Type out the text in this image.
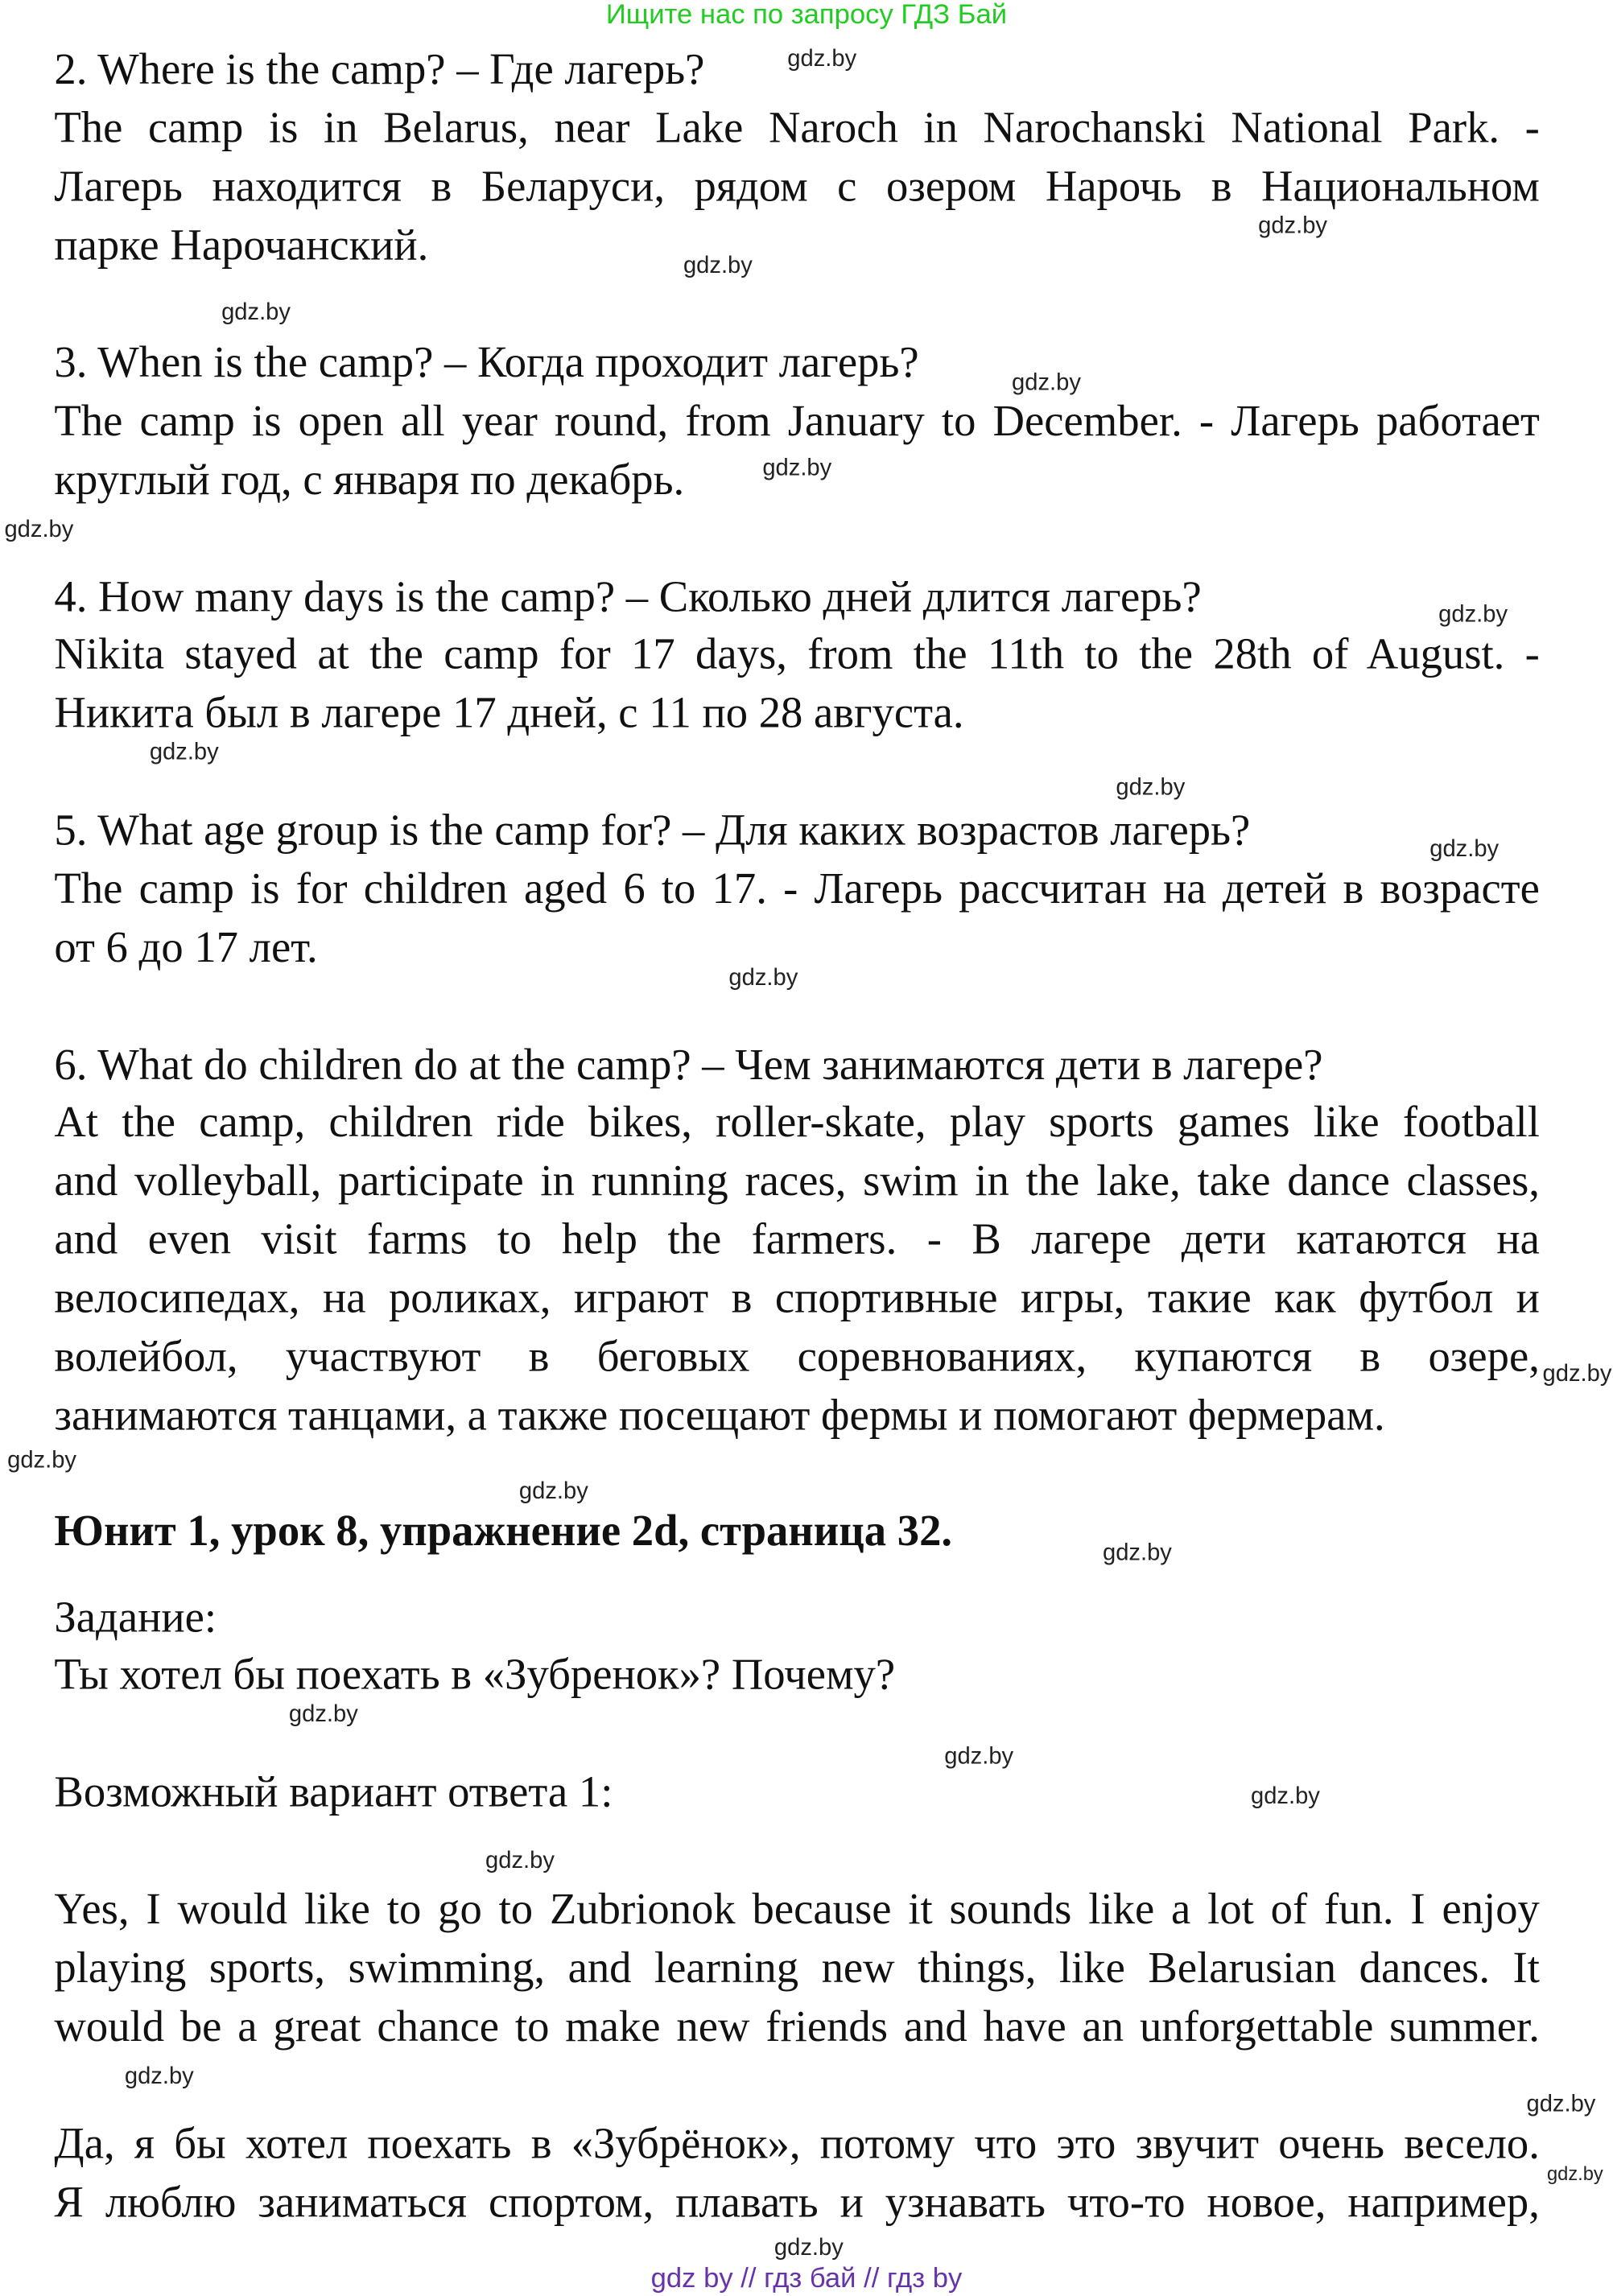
Ищите нас по запросу ГДЗ Бай
2. Where is the camp? – Где лагерь?
The camp is in Belarus, near Lake Naroch in Narochanski National Park. -
Лагерь находится в Беларуси, рядом с озером Нарочь в Национальном
парке Нарочанский.
3. When is the camp? – Когда проходит лагерь?
The camp is open all year round, from January to December. - Лагерь работает
круглый год, с января по декабрь.
4. How many days is the camp? – Сколько дней длится лагерь?
Nikita stayed at the camp for 17 days, from the 11th to the 28th of August. -
Никита был в лагере 17 дней, с 11 по 28 августа.
5. What age group is the camp for? – Для каких возрастов лагерь?
The camp is for children aged 6 to 17. - Лагерь рассчитан на детей в возрасте
от 6 до 17 лет.
6. What do children do at the camp? – Чем занимаются дети в лагере?
At the camp, children ride bikes, roller-skate, play sports games like football
and volleyball, participate in running races, swim in the lake, take dance classes,
and even visit farms to help the farmers. - В лагере дети катаются на
велосипедах, на роликах, играют в спортивные игры, такие как футбол и
волейбол, участвуют в беговых соревнованиях, купаются в озере,
занимаются танцами, а также посещают фермы и помогают фермерам.
Юнит 1, урок 8, упражнение 2d, страница 32.
Задание:
Ты хотел бы поехать в «Зубренок»? Почему?
Возможный вариант ответа 1:
Yes, I would like to go to Zubrionok because it sounds like a lot of fun. I enjoy
playing sports, swimming, and learning new things, like Belarusian dances. It
would be a great chance to make new friends and have an unforgettable summer.
Да, я бы хотел поехать в «Зубрёнок», потому что это звучит очень весело.
Я люблю заниматься спортом, плавать и узнавать что-то новое, например,
gdz.by
gdz.by
gdz.by
gdz.by
gdz.by
gdz.by
gdz.by
gdz.by
gdz.by
gdz.by
gdz.by
gdz.by
gdz.by
gdz.by
gdz.by
gdz.by
gdz.by
gdz.by
gdz.by
gdz.by
gdz.by
gdz.by
gdz.by
gdz.by
gdz by // гдз бай // гдз by
